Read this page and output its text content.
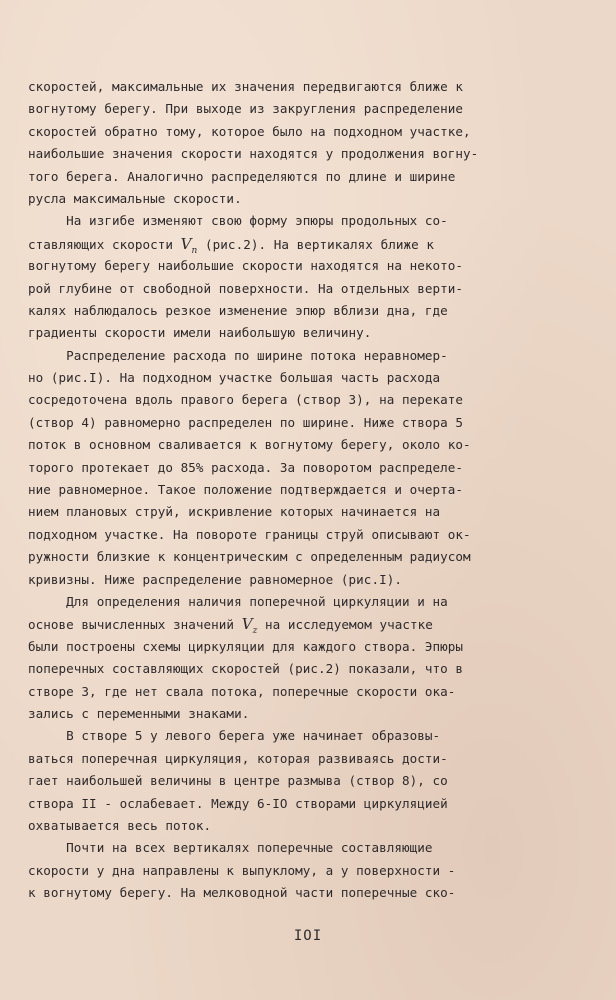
скоростей, максимальные их значения передвигаются ближе к
вогнутому берегу. При выходе из закругления распределение
скоростей обратно тому, которое было на подходном участке,
наибольшие значения скорости находятся у продолжения вогну-
того берега. Аналогично распределяются по длине и ширине
русла максимальные скорости.
На изгибе изменяют свою форму эпюры продольных со-
ставляющих скорости $V_n$ (рис.2). На вертикалях ближе к
вогнутому берегу наибольшие скорости находятся на некото-
рой глубине от свободной поверхности. На отдельных верти-
калях наблюдалось резкое изменение эпюр вблизи дна, где
градиенты скорости имели наибольшую величину.
Распределение расхода по ширине потока неравномер-
но (рис.I). На подходном участке большая часть расхода
сосредоточена вдоль правого берега (створ 3), на перекате
(створ 4) равномерно распределен по ширине. Ниже створа 5
поток в основном сваливается к вогнутому берегу, около ко-
торого протекает до 85% расхода. За поворотом распределе-
ние равномерное. Такое положение подтверждается и очерта-
нием плановых струй, искривление которых начинается на
подходном участке. На повороте границы струй описывают ок-
ружности близкие к концентрическим с определенным радиусом
кривизны. Ниже распределение равномерное (рис.I).
Для определения наличия поперечной циркуляции и на
основе вычисленных значений $V_z$ на исследуемом участке
были построены схемы циркуляции для каждого створа. Эпюры
поперечных составляющих скоростей (рис.2) показали, что в
створе 3, где нет свала потока, поперечные скорости ока-
зались с переменными знаками.
В створе 5 у левого берега уже начинает образовы-
ваться поперечная циркуляция, которая развиваясь дости-
гает наибольшей величины в центре размыва (створ 8), со
створа II - ослабевает. Между 6-IO створами циркуляцией
охватывается весь поток.
Почти на всех вертикалях поперечные составляющие
скорости у дна направлены к выпуклому, а у поверхности -
к вогнутому берегу. На мелководной части поперечные ско-
IOI
